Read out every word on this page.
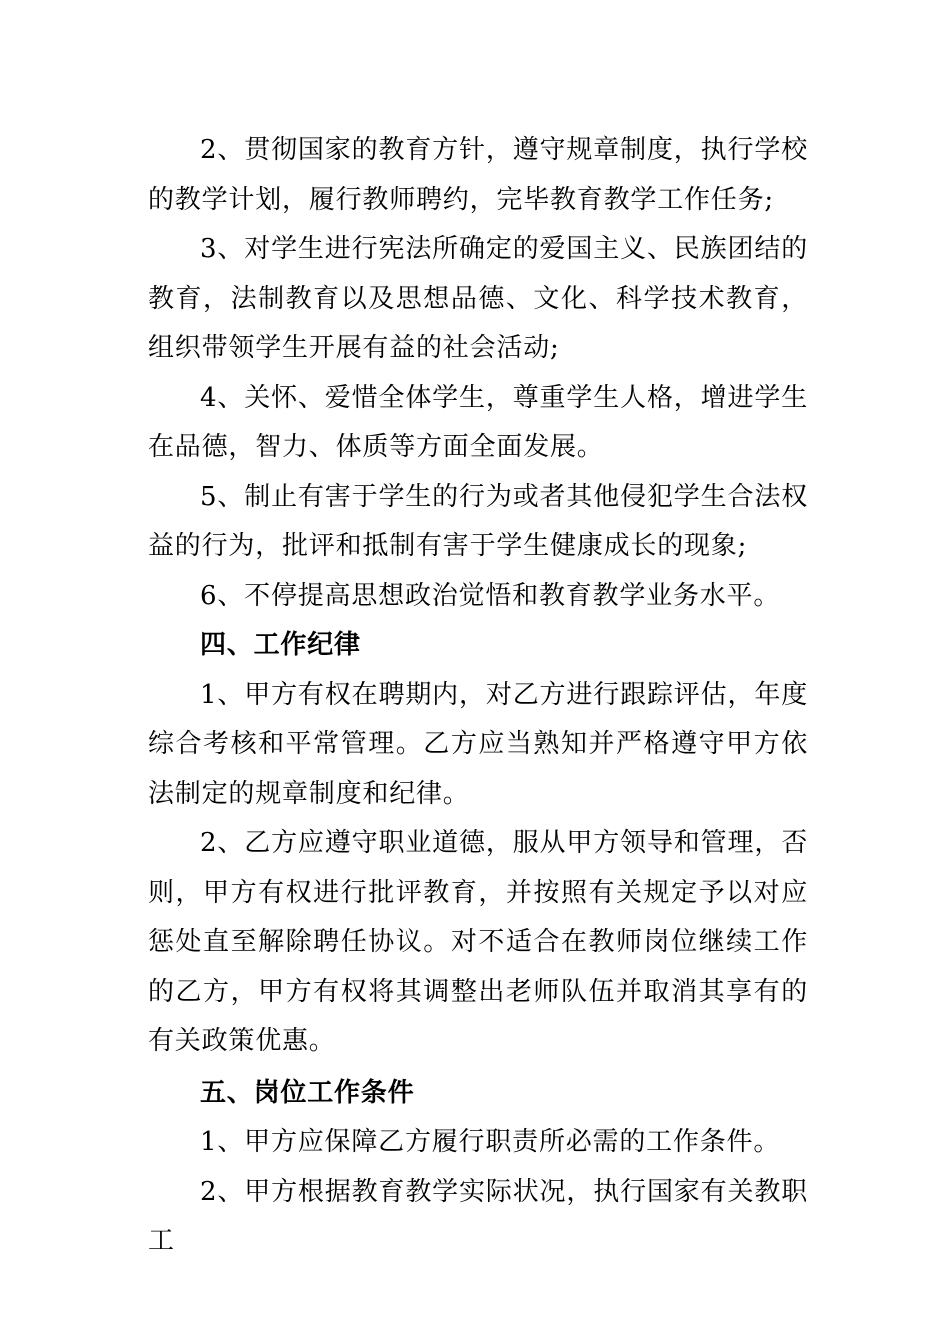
2、贯彻国家的教育方针，遵守规章制度，执行学校的教学计划，履行教师聘约，完毕教育教学工作任务;

3、对学生进行宪法所确定的爱国主义、民族团结的教育，法制教育以及思想品德、文化、科学技术教育，组织带领学生开展有益的社会活动;

4、关怀、爱惜全体学生，尊重学生人格，增进学生在品德，智力、体质等方面全面发展。

5、制止有害于学生的行为或者其他侵犯学生合法权益的行为，批评和抵制有害于学生健康成长的现象;

6、不停提高思想政治觉悟和教育教学业务水平。

四、工作纪律

1、甲方有权在聘期内，对乙方进行跟踪评估，年度综合考核和平常管理。乙方应当熟知并严格遵守甲方依法制定的规章制度和纪律。

2、乙方应遵守职业道德，服从甲方领导和管理，否则，甲方有权进行批评教育，并按照有关规定予以对应惩处直至解除聘任协议。对不适合在教师岗位继续工作的乙方，甲方有权将其调整出老师队伍并取消其享有的有关政策优惠。

五、岗位工作条件

1、甲方应保障乙方履行职责所必需的工作条件。

2、甲方根据教育教学实际状况，执行国家有关教职工
